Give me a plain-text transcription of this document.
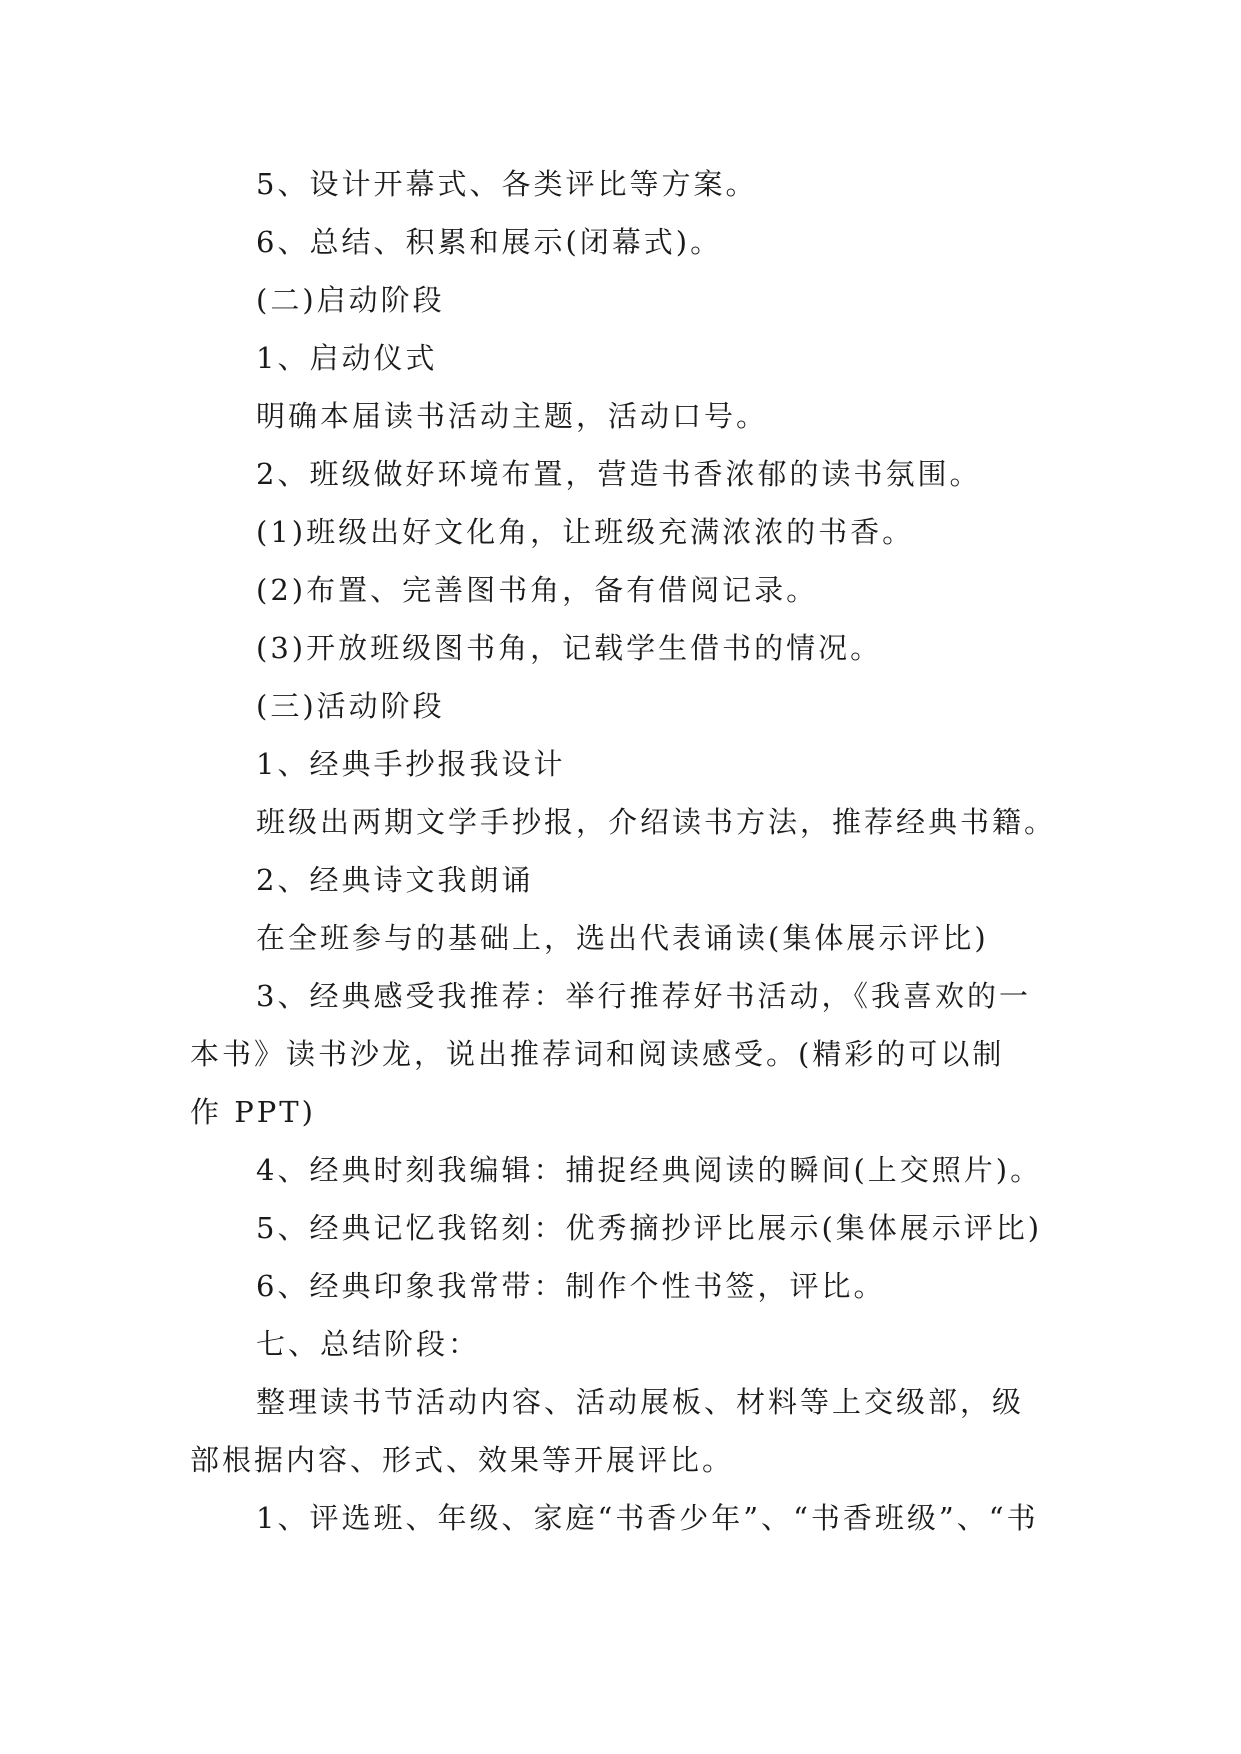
5、设计开幕式、各类评比等方案。
6、总结、积累和展示(闭幕式)。
(二)启动阶段
1、启动仪式
明确本届读书活动主题，活动口号。
2、班级做好环境布置，营造书香浓郁的读书氛围。
(1)班级出好文化角，让班级充满浓浓的书香。
(2)布置、完善图书角，备有借阅记录。
(3)开放班级图书角，记载学生借书的情况。
(三)活动阶段
1、经典手抄报我设计
班级出两期文学手抄报，介绍读书方法，推荐经典书籍。
2、经典诗文我朗诵
在全班参与的基础上，选出代表诵读(集体展示评比)
3、经典感受我推荐：举行推荐好书活动，《我喜欢的一
本书》读书沙龙，说出推荐词和阅读感受。(精彩的可以制
作 PPT)
4、经典时刻我编辑：捕捉经典阅读的瞬间(上交照片)。
5、经典记忆我铭刻：优秀摘抄评比展示(集体展示评比)
6、经典印象我常带：制作个性书签，评比。
七、总结阶段：
整理读书节活动内容、活动展板、材料等上交级部，级
部根据内容、形式、效果等开展评比。
1、评选班、年级、家庭“书香少年”、“书香班级”、“书
